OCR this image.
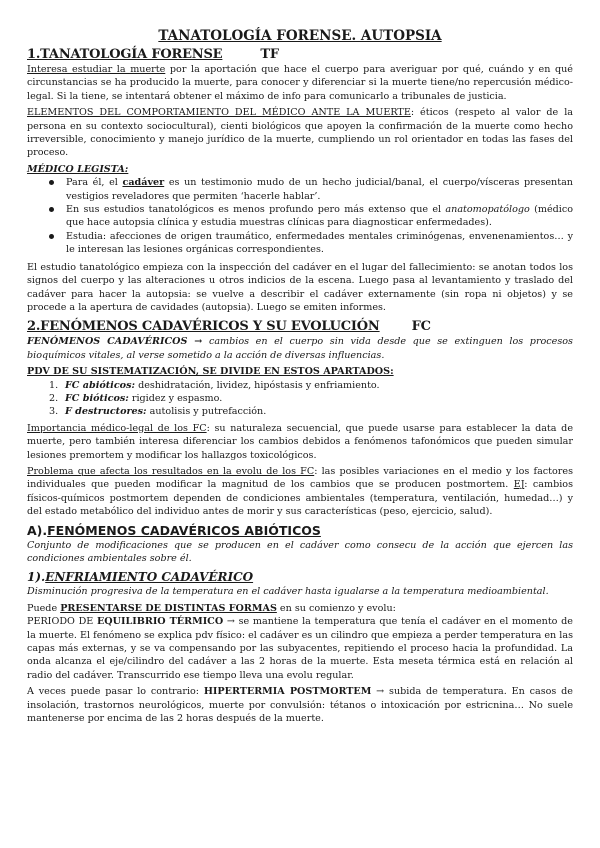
TANATOLOGÍA FORENSE. AUTOPSIA
1.TANATOLOGÍA FORENSE	TF

Interesa estudiar la muerte por la aportación que hace el cuerpo para averiguar por qué, cuándo y en qué circunstancias se ha producido la muerte, para conocer y diferenciar si la muerte tiene/no repercusión médico-legal. Si la tiene, se intentará obtener el máximo de info para comunicarlo a tribunales de justicia.

ELEMENTOS DEL COMPORTAMIENTO DEL MÉDICO ANTE LA MUERTE: éticos (respeto al valor de la persona en su contexto sociocultural), cienti biológicos que apoyen la confirmación de la muerte como hecho irreversible, conocimiento y manejo jurídico de la muerte, cumpliendo un rol orientador en todas las fases del proceso.

MÉDICO LEGISTA:

Para él, el cadáver es un testimonio mudo de un hecho judicial/banal, el cuerpo/vísceras presentan vestigios reveladores que permiten ‘hacerle hablar’.
En sus estudios tanatológicos es menos profundo pero más extenso que el anatomopatólogo (médico que hace autopsia clínica y estudia muestras clínicas para diagnosticar enfermedades).
Estudia: afecciones de origen traumático, enfermedades mentales criminógenas, envenenamientos… y le interesan las lesiones orgánicas correspondientes.

El estudio tanatológico empieza con la inspección del cadáver en el lugar del fallecimiento: se anotan todos los signos del cuerpo y las alteraciones u otros indicios de la escena. Luego pasa al levantamiento y traslado del cadáver para hacer la autopsia: se vuelve a describir el cadáver externamente (sin ropa ni objetos) y se procede a la apertura de cavidades (autopsia). Luego se emiten informes.

2.FENÓMENOS CADAVÉRICOS Y SU EVOLUCIÓN FC

FENÓMENOS CADAVÉRICOS → cambios en el cuerpo sin vida desde que se extinguen los procesos bioquímicos vitales, al verse sometido a la acción de diversas influencias.

PDV DE SU SISTEMATIZACIÓN, SE DIVIDE EN ESTOS APARTADOS:

1. FC abióticos: deshidratación, lividez, hipóstasis y enfriamiento.
2. FC bióticos: rigidez y espasmo.
3. F destructores: autolisis y putrefacción.

Importancia médico-legal de los FC: su naturaleza secuencial, que puede usarse para establecer la data de muerte, pero también interesa diferenciar los cambios debidos a fenómenos tafonómicos que pueden simular lesiones premortem y modificar los hallazgos toxicológicos.

Problema que afecta los resultados en la evolu de los FC: las posibles variaciones en el medio y los factores individuales que pueden modificar la magnitud de los cambios que se producen postmortem. EJ: cambios físicos-químicos postmortem dependen de condiciones ambientales (temperatura, ventilación, humedad…) y del estado metabólico del individuo antes de morir y sus características (peso, ejercicio, salud).

A).FENÓMENOS CADAVÉRICOS ABIÓTICOS

Conjunto de modificaciones que se producen en el cadáver como consecu de la acción que ejercen las condiciones ambientales sobre él.

1).ENFRIAMIENTO CADAVÉRICO

Disminución progresiva de la temperatura en el cadáver hasta igualarse a la temperatura medioambiental.

Puede PRESENTARSE DE DISTINTAS FORMAS en su comienzo y evolu:

PERIODO DE EQUILIBRIO TÉRMICO → se mantiene la temperatura que tenía el cadáver en el momento de la muerte. El fenómeno se explica pdv físico: el cadáver es un cilindro que empieza a perder temperatura en las capas más externas, y se va compensando por las subyacentes, repitiendo el proceso hacia la profundidad. La onda alcanza el eje/cilindro del cadáver a las 2 horas de la muerte. Esta meseta térmica está en relación al radio del cadáver. Transcurrido ese tiempo lleva una evolu regular.

A veces puede pasar lo contrario: HIPERTERMIA POSTMORTEM → subida de temperatura. En casos de insolación, trastornos neurológicos, muerte por convulsión: tétanos o intoxicación por estricnina… No suele mantenerse por encima de las 2 horas después de la muerte.
